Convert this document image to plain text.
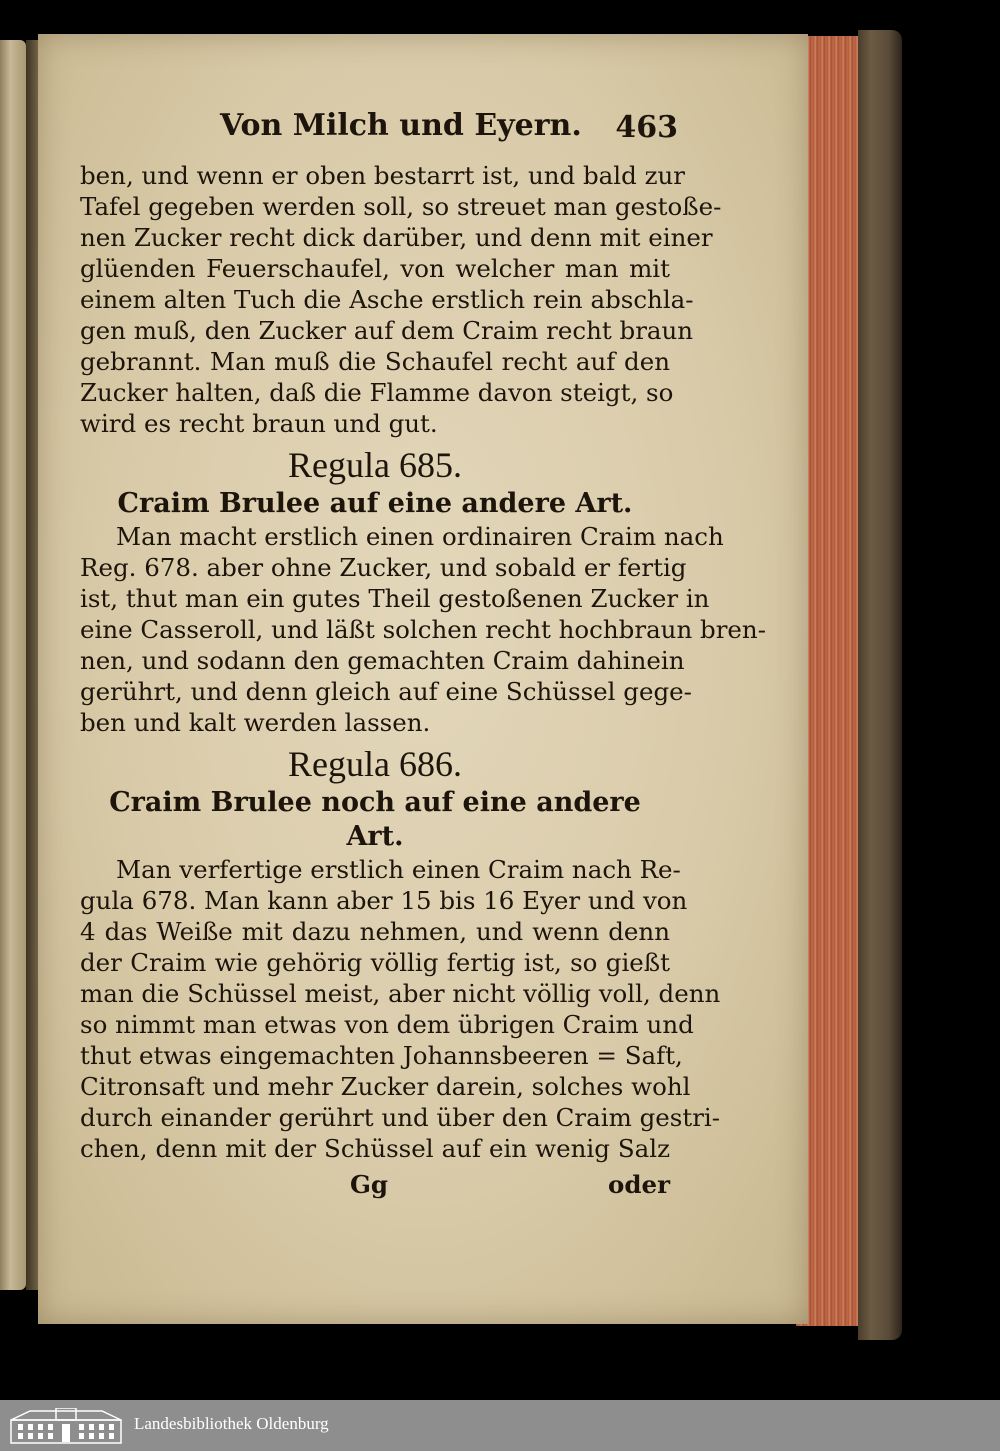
Von Milch und Eyern. 463
ben, und wenn er oben bestarrt ist, und bald zur
Tafel gegeben werden soll, so streuet man gestoße-
nen Zucker recht dick darüber, und denn mit einer
glüenden Feuerschaufel, von welcher man mit
einem alten Tuch die Asche erstlich rein abschla-
gen muß, den Zucker auf dem Craim recht braun
gebrannt. Man muß die Schaufel recht auf den
Zucker halten, daß die Flamme davon steigt, so
wird es recht braun und gut.
Regula 685.
Craim Brulee auf eine andere Art.
Man macht erstlich einen ordinairen Craim nach
Reg. 678. aber ohne Zucker, und sobald er fertig
ist, thut man ein gutes Theil gestoßenen Zucker in
eine Casseroll, und läßt solchen recht hochbraun bren-
nen, und sodann den gemachten Craim dahinein
gerührt, und denn gleich auf eine Schüssel gege-
ben und kalt werden lassen.
Regula 686.
Craim Brulee noch auf eine andere Art.
Man verfertige erstlich einen Craim nach Re-
gula 678. Man kann aber 15 bis 16 Eyer und von
4 das Weiße mit dazu nehmen, und wenn denn
der Craim wie gehörig völlig fertig ist, so gießt
man die Schüssel meist, aber nicht völlig voll, denn
so nimmt man etwas von dem übrigen Craim und
thut etwas eingemachten Johannsbeeren = Saft,
Citronsaft und mehr Zucker darein, solches wohl
durch einander gerührt und über den Craim gestri-
chen, denn mit der Schüssel auf ein wenig Salz
Gg	oder
Landesbibliothek Oldenburg
